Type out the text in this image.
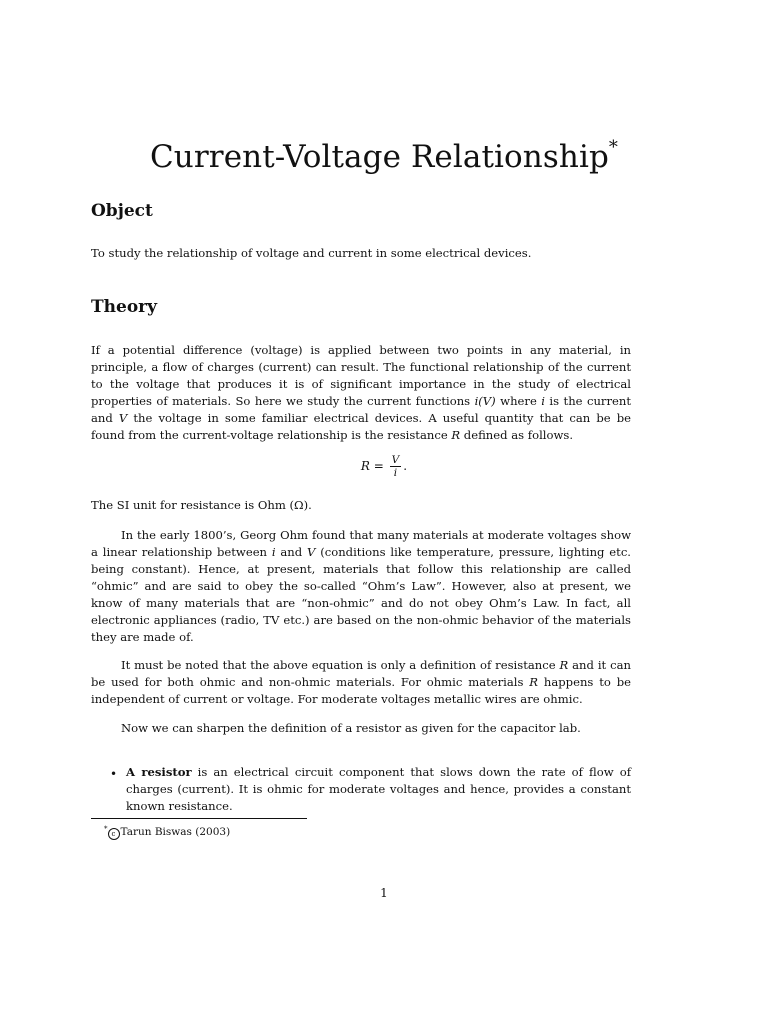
Current-Voltage Relationship*
Object

To study the relationship of voltage and current in some electrical devices.

Theory

If a potential difference (voltage) is applied between two points in any material, in principle, a flow of charges (current) can result. The functional relationship of the current to the voltage that produces it is of significant importance in the study of electrical properties of materials. So here we study the current functions i(V) where i is the current and V the voltage in some familiar electrical devices. A useful quantity that can be be found from the current-voltage relationship is the resistance R defined as follows.

$R = \frac{V}{i}$ .

The SI unit for resistance is Ohm (Ω).

In the early 1800’s, Georg Ohm found that many materials at moderate voltages show a linear relationship between i and V (conditions like temperature, pressure, lighting etc. being constant). Hence, at present, materials that follow this relationship are called “ohmic” and are said to obey the so-called “Ohm’s Law”. However, also at present, we know of many materials that are “non-ohmic” and do not obey Ohm’s Law. In fact, all electronic appliances (radio, TV etc.) are based on the non-ohmic behavior of the materials they are made of.

It must be noted that the above equation is only a definition of resistance R and it can be used for both ohmic and non-ohmic materials. For ohmic materials R happens to be independent of current or voltage. For moderate voltages metallic wires are ohmic.

Now we can sharpen the definition of a resistor as given for the capacitor lab.

• A resistor is an electrical circuit component that slows down the rate of flow of charges (current). It is ohmic for moderate voltages and hence, provides a constant known resistance.

*c Tarun Biswas (2003)
1
